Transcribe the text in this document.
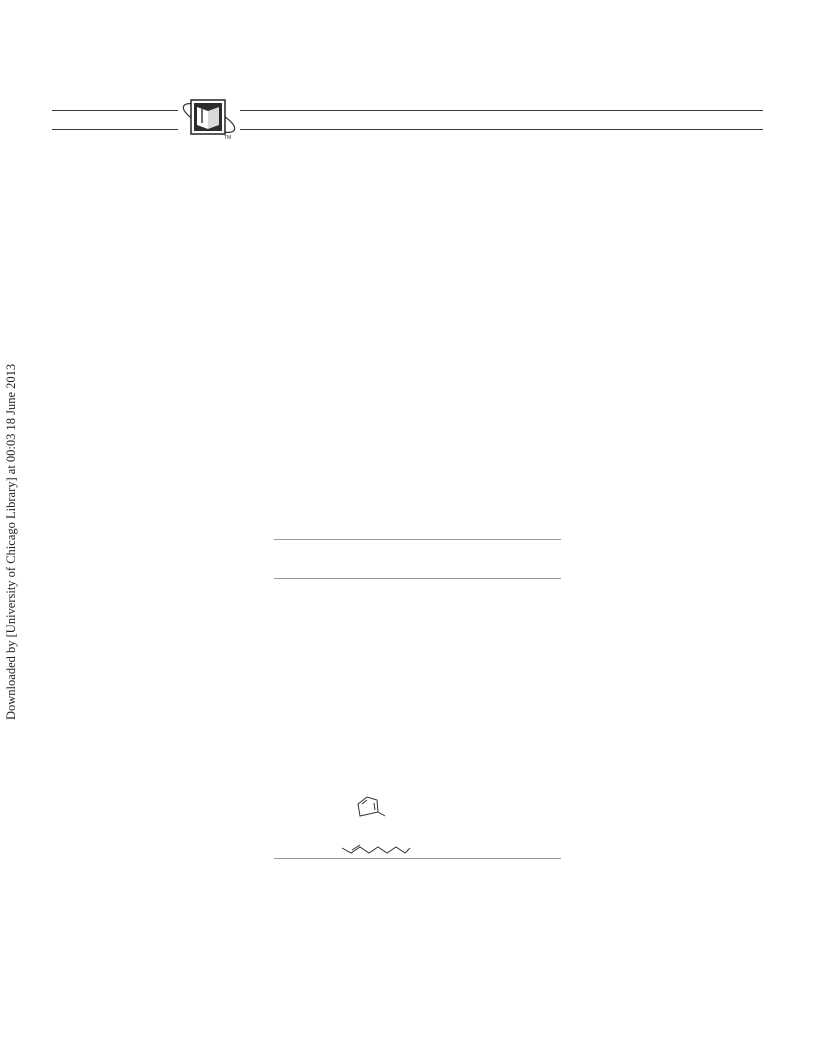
TM
Downloaded by [University of Chicago Library] at 00:03 18 June 2013
